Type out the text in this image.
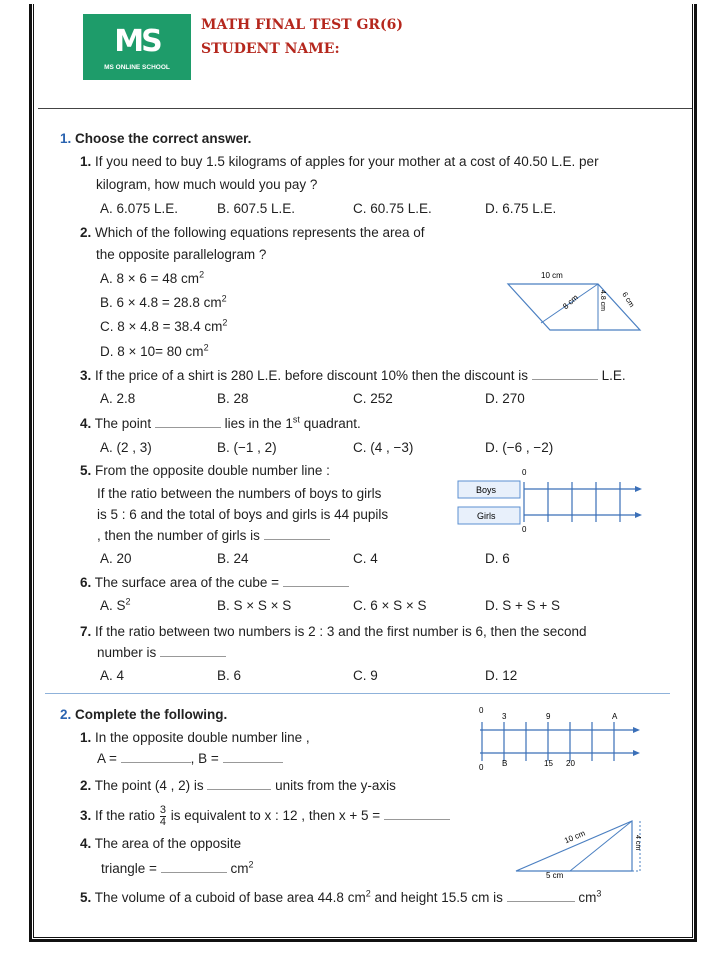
MS
MS ONLINE SCHOOL
MATH FINAL TEST GR(6)
STUDENT NAME:
1. Choose the correct answer.
1. If you need to buy 1.5 kilograms of apples for your mother at a cost of 40.50 L.E. per
kilogram, how much would you pay ?
A. 6.075 L.E.	B. 607.5 L.E.	C. 60.75 L.E.	D. 6.75 L.E.
2. Which of the following equations represents the area of
the opposite parallelogram ?
A. 8 × 6 = 48 $cm^2$
B. 6 × 4.8 = 28.8 $cm^2$
C. 8 × 4.8 = 38.4 $cm^2$
D. 8 × 10= 80 $cm^2$
10 cm
8 cm	4.8 cm 6 cm
3. If the price of a shirt is 280 L.E. before discount 10% then the discount is	L.E.
A. 2.8	B. 28	C. 252	D. 270
4. The point	lies in the 1st quadrant.
A. (2 , 3)	B. (−1 , 2)	C. (4 , −3)	D. (−6 , −2)
5. From the opposite double number line :
If the ratio between the numbers of boys to girls
is 5 : 6 and the total of boys and girls is 44 pupils
, then the number of girls is
A. 20	B. 24	C. 4	D. 6
0
0
Boys
Girls
6. The surface area of the cube =
A. $S^2$	B. S × S × S	C. 6 × S × S	D. S + S + S
7. If the ratio between two numbers is 2 : 3 and the first number is 6, then the second
number is
A. 4	B. 6	C. 9	D. 12
2. Complete the following.
1. In the opposite double number line ,
A =	, B =
0
3	9	A
0 B	15 20
2. The point (4 , 2) is	units from the y-axis
3. If the ratio $\frac{3}{4}$ is equivalent to x : 12 , then x + 5 =
4. The area of the opposite
triangle =	$cm^2$
10 cm	4 cm
5 cm
5. The volume of a cuboid of base area 44.8 $cm^2$ and height 15.5 cm is	$cm^3$
